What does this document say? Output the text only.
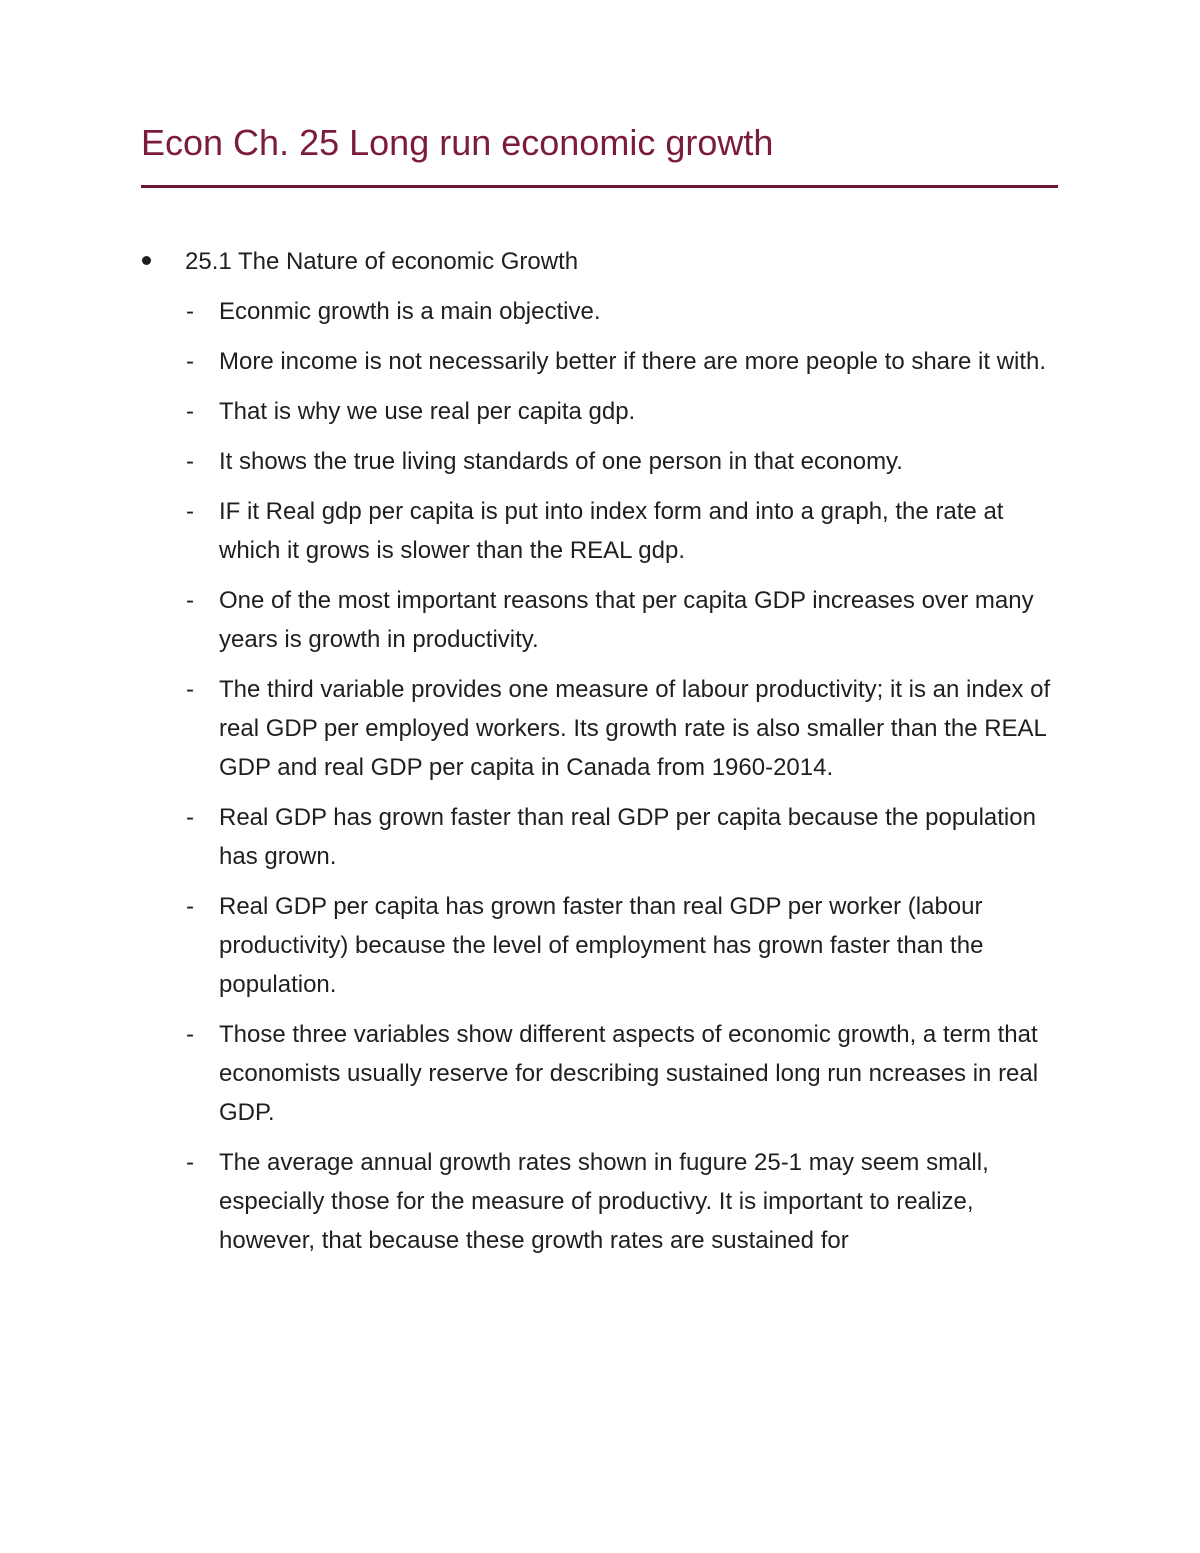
Econ Ch. 25 Long run economic growth
25.1 The Nature of economic Growth
- Econmic growth is a main objective.
- More income is not necessarily better if there are more people to share it with.
- That is why we use real per capita gdp.
- It shows the true living standards of one person in that economy.
- IF it Real gdp per capita is put into index form and into a graph, the rate at which it grows is slower than the REAL gdp.
- One of the most important reasons that per capita GDP increases over many years is growth in productivity.
- The third variable provides one measure of labour productivity; it is an index of real GDP per employed workers. Its growth rate is also smaller than the REAL GDP and real GDP per capita in Canada from 1960-2014.
- Real GDP has grown faster than real GDP per capita because the population has grown.
- Real GDP per capita has grown faster than real GDP per worker (labour productivity) because the level of employment has grown faster than the population.
- Those three variables show different aspects of economic growth, a term that economists usually reserve for describing sustained long run ncreases in real GDP.
- The average annual growth rates shown in fugure 25-1 may seem small, especially those for the measure of productivy. It is important to realize, however, that because these growth rates are sustained for
